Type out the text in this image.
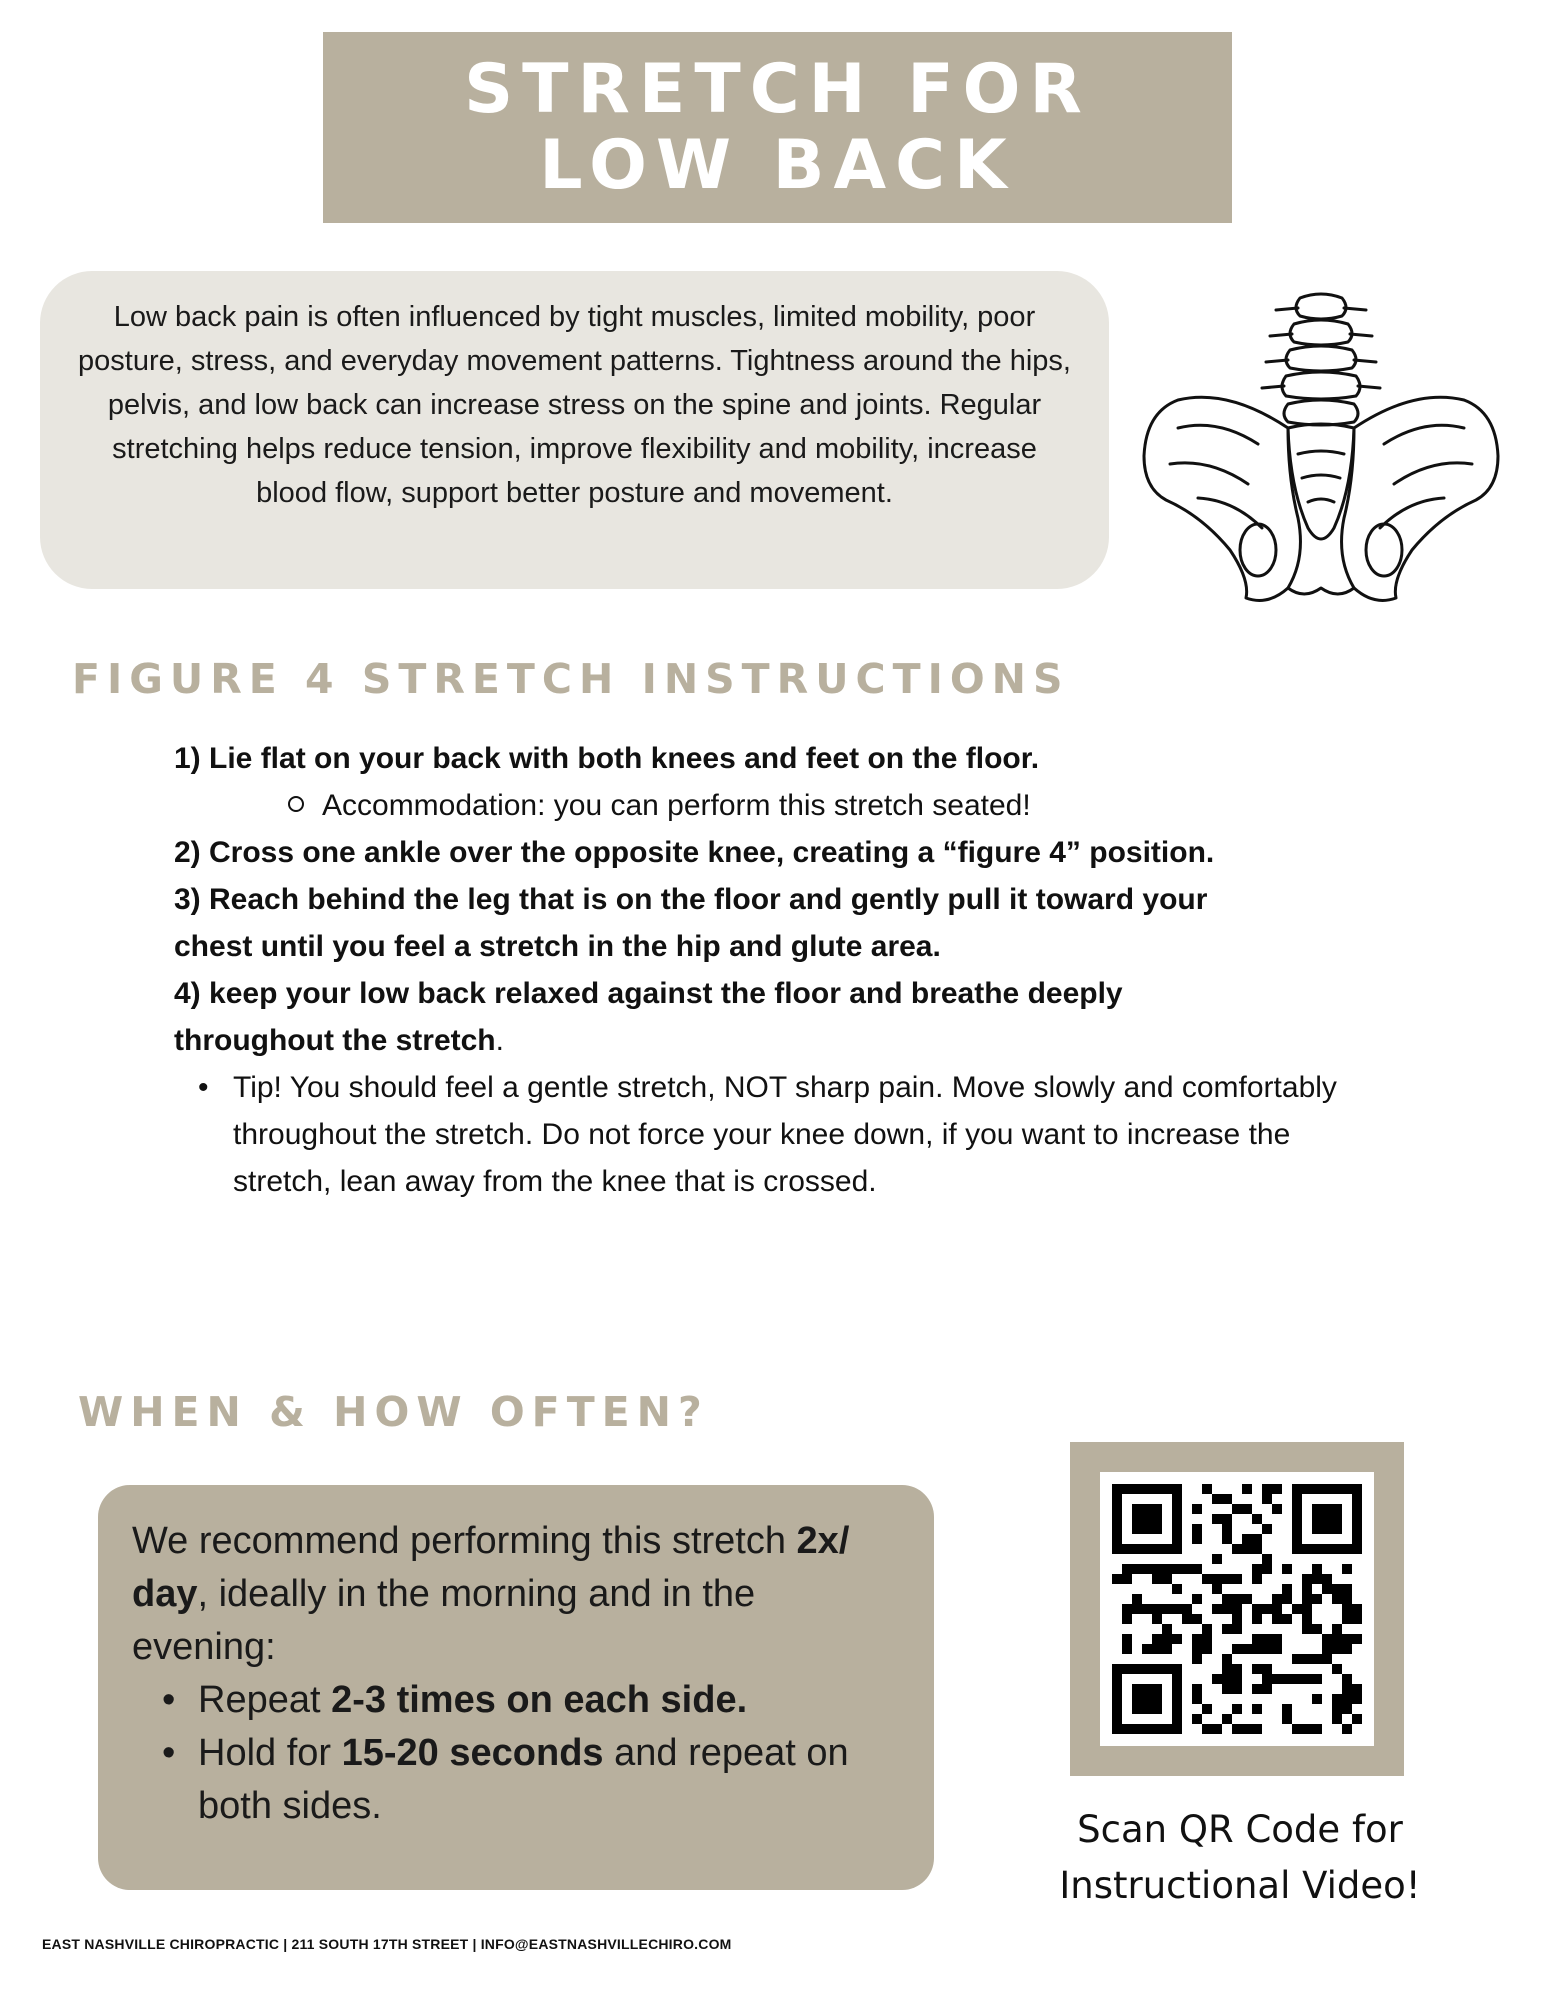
STRETCH FOR
LOW BACK

Low back pain is often influenced by tight muscles, limited mobility, poor posture, stress, and everyday movement patterns. Tightness around the hips, pelvis, and low back can increase stress on the spine and joints. Regular stretching helps reduce tension, improve flexibility and mobility, increase blood flow, support better posture and movement.

FIGURE 4 STRETCH INSTRUCTIONS
1) Lie flat on your back with both knees and feet on the floor.
Accommodation: you can perform this stretch seated!
2) Cross one ankle over the opposite knee, creating a “figure 4” position.
3) Reach behind the leg that is on the floor and gently pull it toward your chest until you feel a stretch in the hip and glute area.
4) keep your low back relaxed against the floor and breathe deeply throughout the stretch.
• Tip! You should feel a gentle stretch, NOT sharp pain. Move slowly and comfortably throughout the stretch. Do not force your knee down, if you want to increase the stretch, lean away from the knee that is crossed.
WHEN & HOW OFTEN?

We recommend performing this stretch 2x/ day, ideally in the morning and in the evening:

• Repeat 2-3 times on each side.
• Hold for 15-20 seconds and repeat on both sides.
Scan QR Code for
Instructional Video!
EAST NASHVILLE CHIROPRACTIC | 211 SOUTH 17TH STREET | INFO@EASTNASHVILLECHIRO.COM
